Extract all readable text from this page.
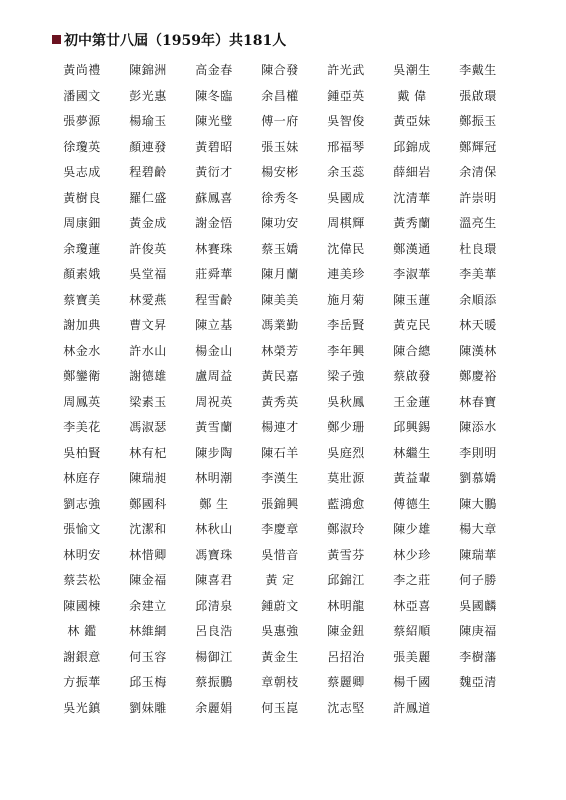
初中第廿八屆（1959年）共181人
黃尚禮	陳錦洲	高金春	陳合發	許光武	吳潮生	李戴生
潘國文	彭光惠	陳冬臨	余昌權	鍾亞英	戴 偉	張啟環
張夢源	楊瑜玉	陳光璧	傅一府	吳智俊	黃亞妹	鄭振玉
徐瓊英	顏連發	黃碧昭	張玉妹	邢福琴	邱錦成	鄭輝冠
吳志成	程碧齡	黃衍才	楊安彬	余玉蕊	薛細岩	余清保
黃樹良	羅仁盛	蘇鳳喜	徐秀冬	吳國成	沈清華	許崇明
周康鈿	黃金成	謝金悟	陳功安	周棋輝	黃秀蘭	溫亮生
余瓊蓮	許俊英	林賽珠	蔡玉嬌	沈偉民	鄭漢通	杜良環
顏素娥	吳堂福	莊舜華	陳月蘭	連美珍	李淑華	李美華
蔡寶美	林愛燕	程雪齡	陳美美	施月菊	陳玉蓮	余順添
謝加典	曹文昇	陳立基	馮業勤	李岳賢	黃克民	林天暖
林金水	許水山	楊金山	林榮芳	李年興	陳合總	陳漢林
鄭鑾衛	謝德雄	盧周益	黃民嘉	梁子強	蔡啟發	鄭慶裕
周鳳英	梁素玉	周祝英	黃秀英	吳秋鳳	王金蓮	林春寶
李美花	馮淑瑟	黃雪蘭	楊連才	鄭少珊	邱興錫	陳添水
吳柏賢	林有杞	陳步陶	陳石羊	吳庭烈	林繼生	李則明
林庭存	陳瑞昶	林明潮	李漢生	莫壯源	黃益輩	劉慕嬌
劉志強	鄭國科	鄭 生	張錦興	藍鴻愈	傅德生	陳大鵬
張愉文	沈潔和	林秋山	李慶章	鄭淑玲	陳少雄	楊大章
林明安	林惜卿	馮寶珠	吳惜音	黃雪芬	林少珍	陳瑞華
蔡芸松	陳金福	陳喜君	黃 定	邱錦江	李之莊	何子勝
陳國棟	余建立	邱清泉	鍾蔚文	林明龍	林亞喜	吳國麟
林 鑑	林維網	呂良浩	吳惠強	陳金鈕	蔡紹順	陳庚福
謝銀意	何玉容	楊御江	黃金生	呂招治	張美麗	李樹藩
方振華	邱玉梅	蔡振鵬	章朝枝	蔡麗卿	楊千國	魏亞清
吳光鎮	劉妹雕	余麗娟	何玉崑	沈志堅	許鳳道
